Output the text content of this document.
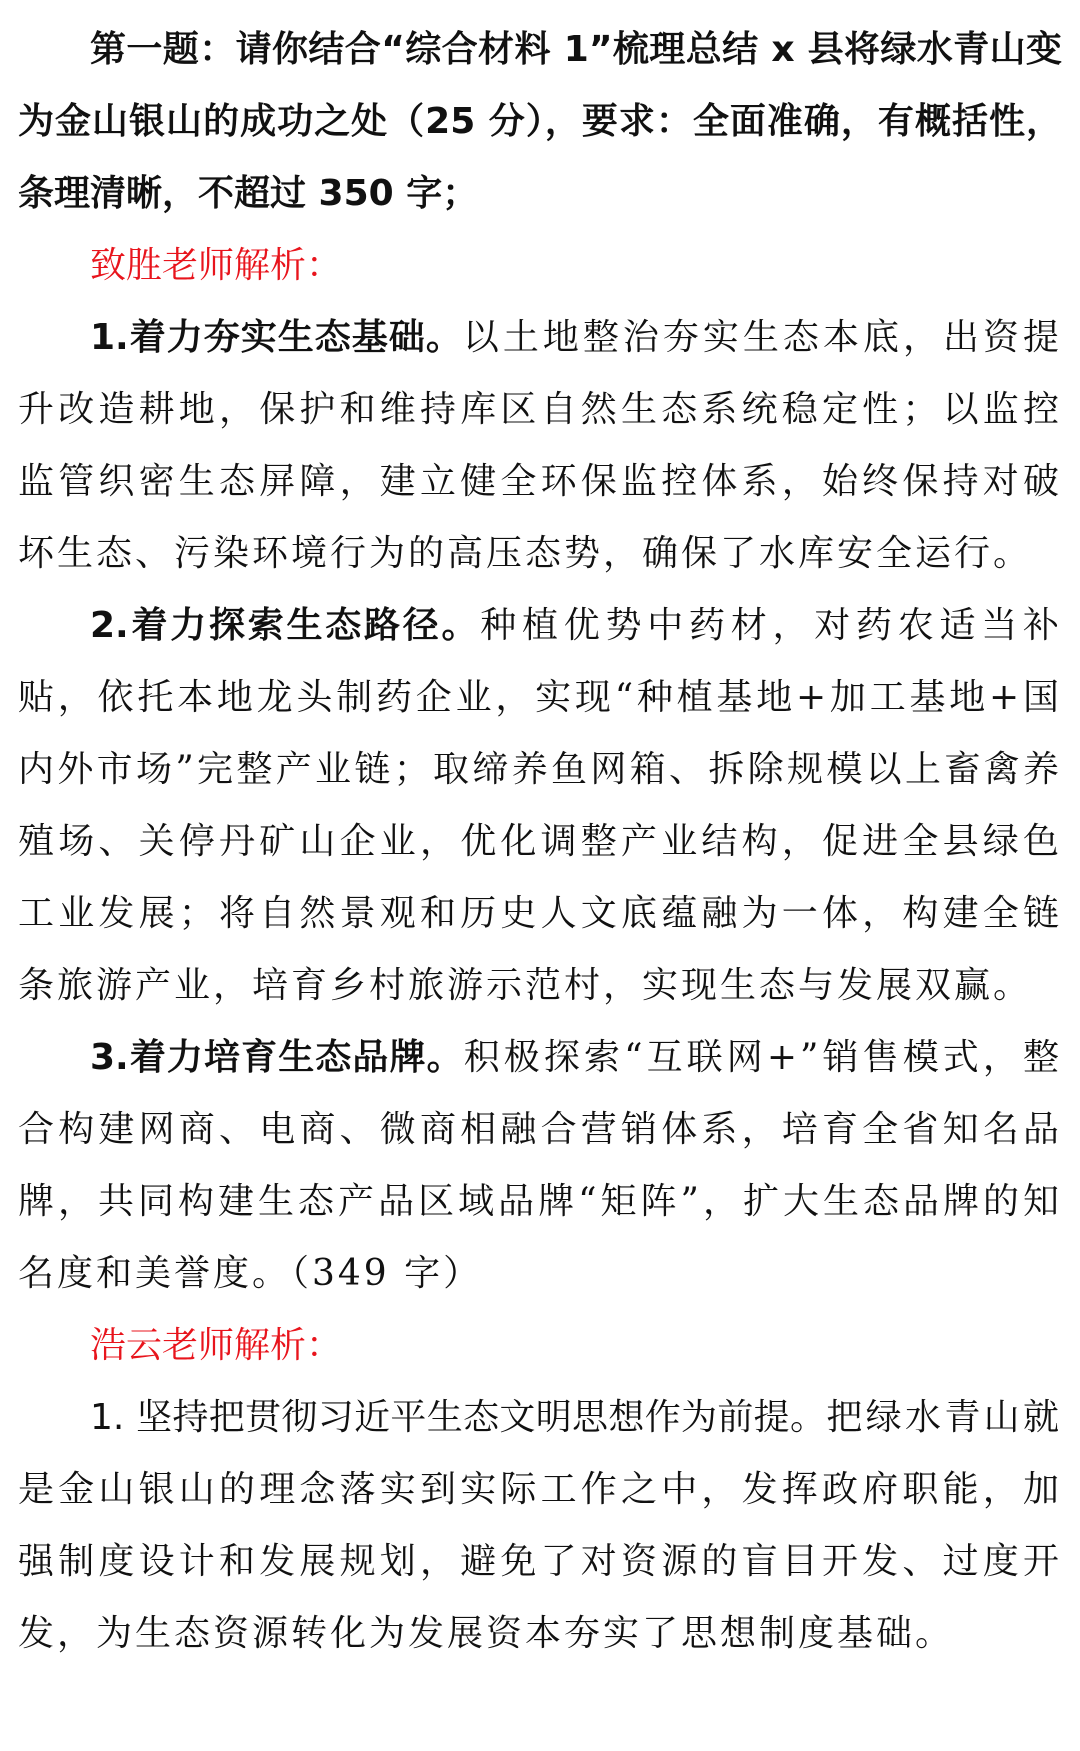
第一题：请你结合“综合材料 1”梳理总结 x 县将绿水青山变为金山银山的成功之处（25 分），要求：全面准确，有概括性，条理清晰，不超过 350 字；

致胜老师解析：

1.着力夯实生态基础。以土地整治夯实生态本底，出资提升改造耕地，保护和维持库区自然生态系统稳定性；以监控监管织密生态屏障，建立健全环保监控体系，始终保持对破坏生态、污染环境行为的高压态势，确保了水库安全运行。

2.着力探索生态路径。种植优势中药材，对药农适当补贴，依托本地龙头制药企业，实现“种植基地+加工基地+国内外市场”完整产业链；取缔养鱼网箱、拆除规模以上畜禽养殖场、关停丹矿山企业，优化调整产业结构，促进全县绿色工业发展；将自然景观和历史人文底蕴融为一体，构建全链条旅游产业，培育乡村旅游示范村，实现生态与发展双赢。

3.着力培育生态品牌。积极探索“互联网+”销售模式，整合构建网商、电商、微商相融合营销体系，培育全省知名品牌，共同构建生态产品区域品牌“矩阵”，扩大生态品牌的知名度和美誉度。（349 字）

浩云老师解析：

1. 坚持把贯彻习近平生态文明思想作为前提。把绿水青山就是金山银山的理念落实到实际工作之中，发挥政府职能，加强制度设计和发展规划，避免了对资源的盲目开发、过度开发，为生态资源转化为发展资本夯实了思想制度基础。
